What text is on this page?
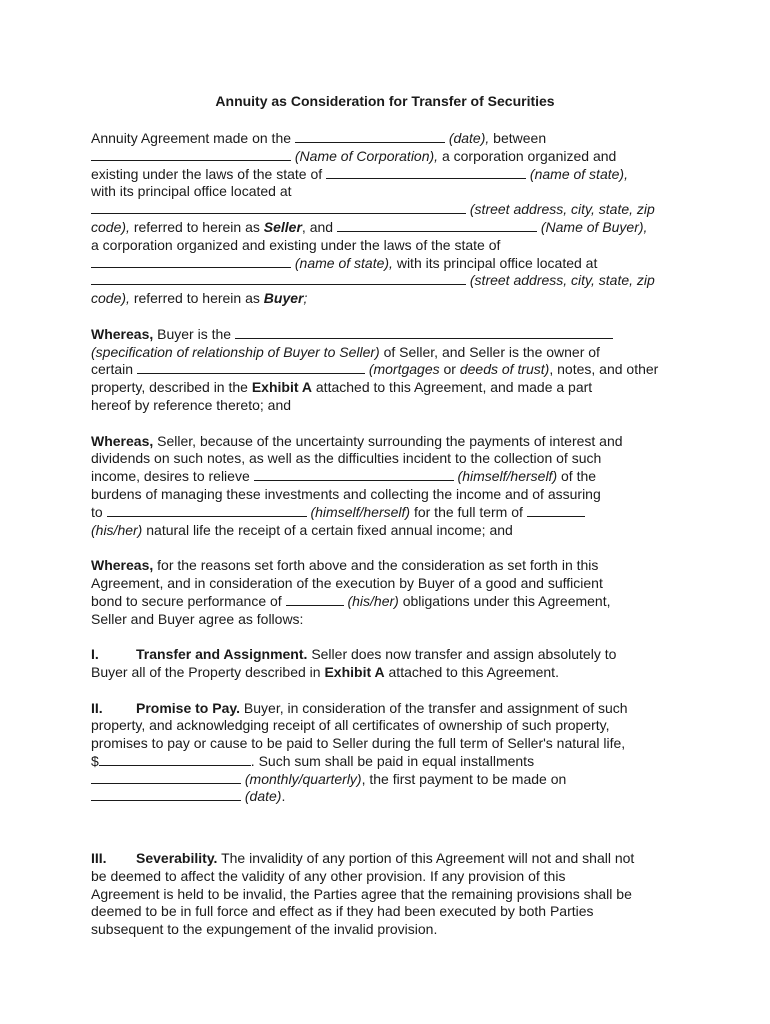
Annuity as Consideration for Transfer of Securities

Annuity Agreement made on the	(date), between

(Name of Corporation), a corporation organized and

existing under the laws of the state of	(name of state),

with its principal office located at

(street address, city, state, zip

code), referred to herein as Seller, and	(Name of Buyer),

a corporation organized and existing under the laws of the state of

(name of state), with its principal office located at

(street address, city, state, zip

code), referred to herein as Buyer;

Whereas, Buyer is the

(specification of relationship of Buyer to Seller) of Seller, and Seller is the owner of

certain	(mortgages or deeds of trust), notes, and other

property, described in the Exhibit A attached to this Agreement, and made a part

hereof by reference thereto; and

Whereas, Seller, because of the uncertainty surrounding the payments of interest and

dividends on such notes, as well as the difficulties incident to the collection of such

income, desires to relieve	(himself/herself) of the

burdens of managing these investments and collecting the income and of assuring

to	(himself/herself) for the full term of

(his/her) natural life the receipt of a certain fixed annual income; and

Whereas, for the reasons set forth above and the consideration as set forth in this

Agreement, and in consideration of the execution by Buyer of a good and sufficient

bond to secure performance of	(his/her) obligations under this Agreement,

Seller and Buyer agree as follows:

I.	Transfer and Assignment. Seller does now transfer and assign absolutely to

Buyer all of the Property described in Exhibit A attached to this Agreement.

II. Promise to Pay. Buyer, in consideration of the transfer and assignment of such

property, and acknowledging receipt of all certificates of ownership of such property,

promises to pay or cause to be paid to Seller during the full term of Seller's natural life,

$	. Such sum shall be paid in equal installments

(monthly/quarterly), the first payment to be made on

(date).

III. Severability. The invalidity of any portion of this Agreement will not and shall not

be deemed to affect the validity of any other provision. If any provision of this

Agreement is held to be invalid, the Parties agree that the remaining provisions shall be

deemed to be in full force and effect as if they had been executed by both Parties

subsequent to the expungement of the invalid provision.
